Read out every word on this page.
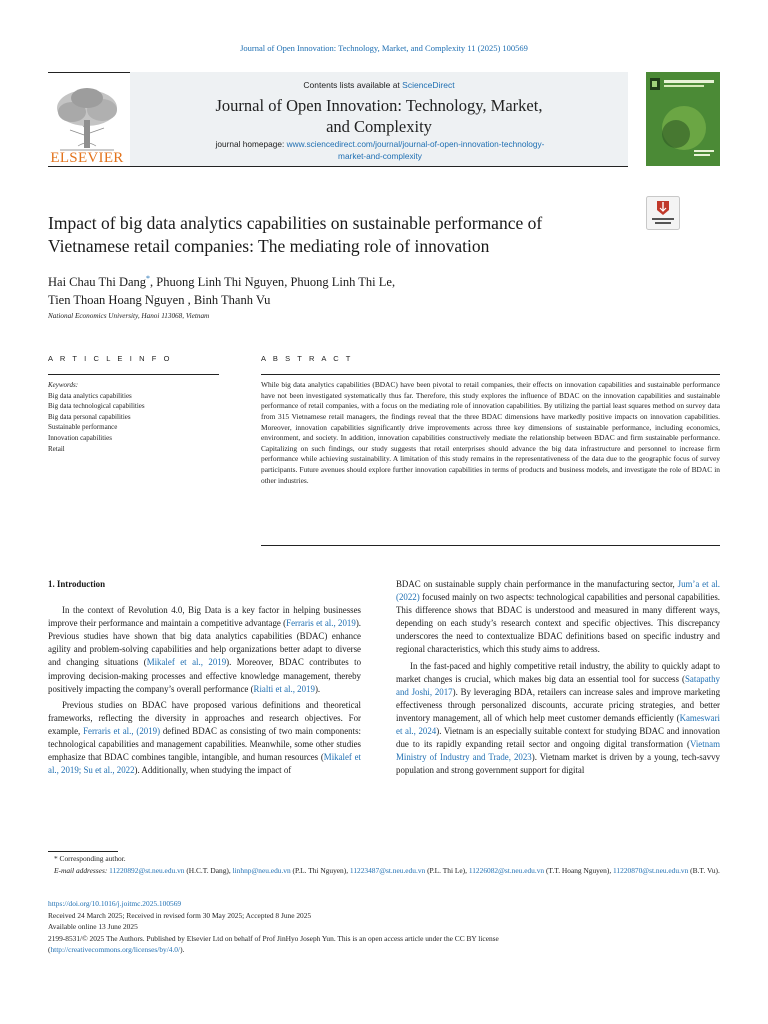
Journal of Open Innovation: Technology, Market, and Complexity 11 (2025) 100569
ELSEVIER
Contents lists available at ScienceDirect
Journal of Open Innovation: Technology, Market,
and Complexity
journal homepage: www.sciencedirect.com/journal/journal-of-open-innovation-technology-
market-and-complexity
Impact of big data analytics capabilities on sustainable performance of
Vietnamese retail companies: The mediating role of innovation
Hai Chau Thi Dang*, Phuong Linh Thi Nguyen, Phuong Linh Thi Le,
Tien Thoan Hoang Nguyen , Binh Thanh Vu
National Economics University, Hanoi 113068, Vietnam
A R T I C L E I N F O	A B S T R A C T
Keywords:
Big data analytics capabilities
Big data technological capabilities
Big data personal capabilities
Sustainable performance
Innovation capabilities
Retail
While big data analytics capabilities (BDAC) have been pivotal to retail companies, their effects on innovation capabilities and sustainable performance have not been investigated systematically thus far. Therefore, this study explores the influence of BDAC on the innovation capabilities and sustainable performance of retail companies, with a focus on the mediating role of innovation capabilities. By utilizing the partial least squares method on survey data from 315 Vietnamese retail managers, the findings reveal that the three BDAC dimensions have markedly positive impacts on innovation capabilities. Moreover, innovation capabilities significantly drive improvements across three key dimensions of sustainable performance, including economics, environment, and society. In addition, innovation capabilities constructively mediate the relationship between BDAC and firm sustainable performance. Capitalizing on such findings, our study suggests that retail enterprises should advance the big data infrastructure and personnel to increase firm performance while achieving sustainability. A limitation of this study remains in the representativeness of the data due to the geographic focus of survey participants. Future avenues should explore further innovation capabilities in terms of products and business models, and investigate the role of BDAC in other industries.
1. Introduction
In the context of Revolution 4.0, Big Data is a key factor in helping businesses improve their performance and maintain a competitive advantage (Ferraris et al., 2019). Previous studies have shown that big data analytics capabilities (BDAC) enhance agility and problem-solving capabilities and help organizations better adapt to diverse and changing situations (Mikalef et al., 2019). Moreover, BDAC contributes to improving decision-making processes and effective knowledge management, thereby positively impacting the company’s overall performance (Rialti et al., 2019).
Previous studies on BDAC have proposed various definitions and theoretical frameworks, reflecting the diversity in approaches and research objectives. For example, Ferraris et al., (2019) defined BDAC as consisting of two main components: technological capabilities and management capabilities. Meanwhile, some other studies emphasize that BDAC combines tangible, intangible, and human resources (Mikalef et al., 2019; Su et al., 2022). Additionally, when studying the impact of
BDAC on sustainable supply chain performance in the manufacturing sector, Jum’a et al. (2022) focused mainly on two aspects: technological capabilities and personal capabilities. This difference shows that BDAC is understood and measured in many different ways, depending on each study’s research context and specific objectives. This discrepancy underscores the need to contextualize BDAC definitions based on specific industry and regional characteristics, which this study aims to address.
In the fast-paced and highly competitive retail industry, the ability to quickly adapt to market changes is crucial, which makes big data an essential tool for success (Satapathy and Joshi, 2017). By leveraging BDA, retailers can increase sales and improve marketing effectiveness through personalized discounts, accurate pricing strategies, and better inventory management, all of which help meet customer demands efficiently (Kameswari et al., 2024). Vietnam is an especially suitable context for studying BDAC and innovation due to its rapidly expanding retail sector and ongoing digital transformation (Vietnam Ministry of Industry and Trade, 2023). Vietnam market is driven by a young, tech-savvy population and strong government support for digital
* Corresponding author.
E-mail addresses: 11220892@st.neu.edu.vn (H.C.T. Dang), linhnp@neu.edu.vn (P.L. Thi Nguyen), 11223487@st.neu.edu.vn (P.L. Thi Le), 11226082@st.neu.edu.vn (T.T. Hoang Nguyen), 11220870@st.neu.edu.vn (B.T. Vu).
https://doi.org/10.1016/j.joitmc.2025.100569
Received 24 March 2025; Received in revised form 30 May 2025; Accepted 8 June 2025
Available online 13 June 2025
2199-8531/© 2025 The Authors. Published by Elsevier Ltd on behalf of Prof JinHyo Joseph Yun. This is an open access article under the CC BY license
(http://creativecommons.org/licenses/by/4.0/).
